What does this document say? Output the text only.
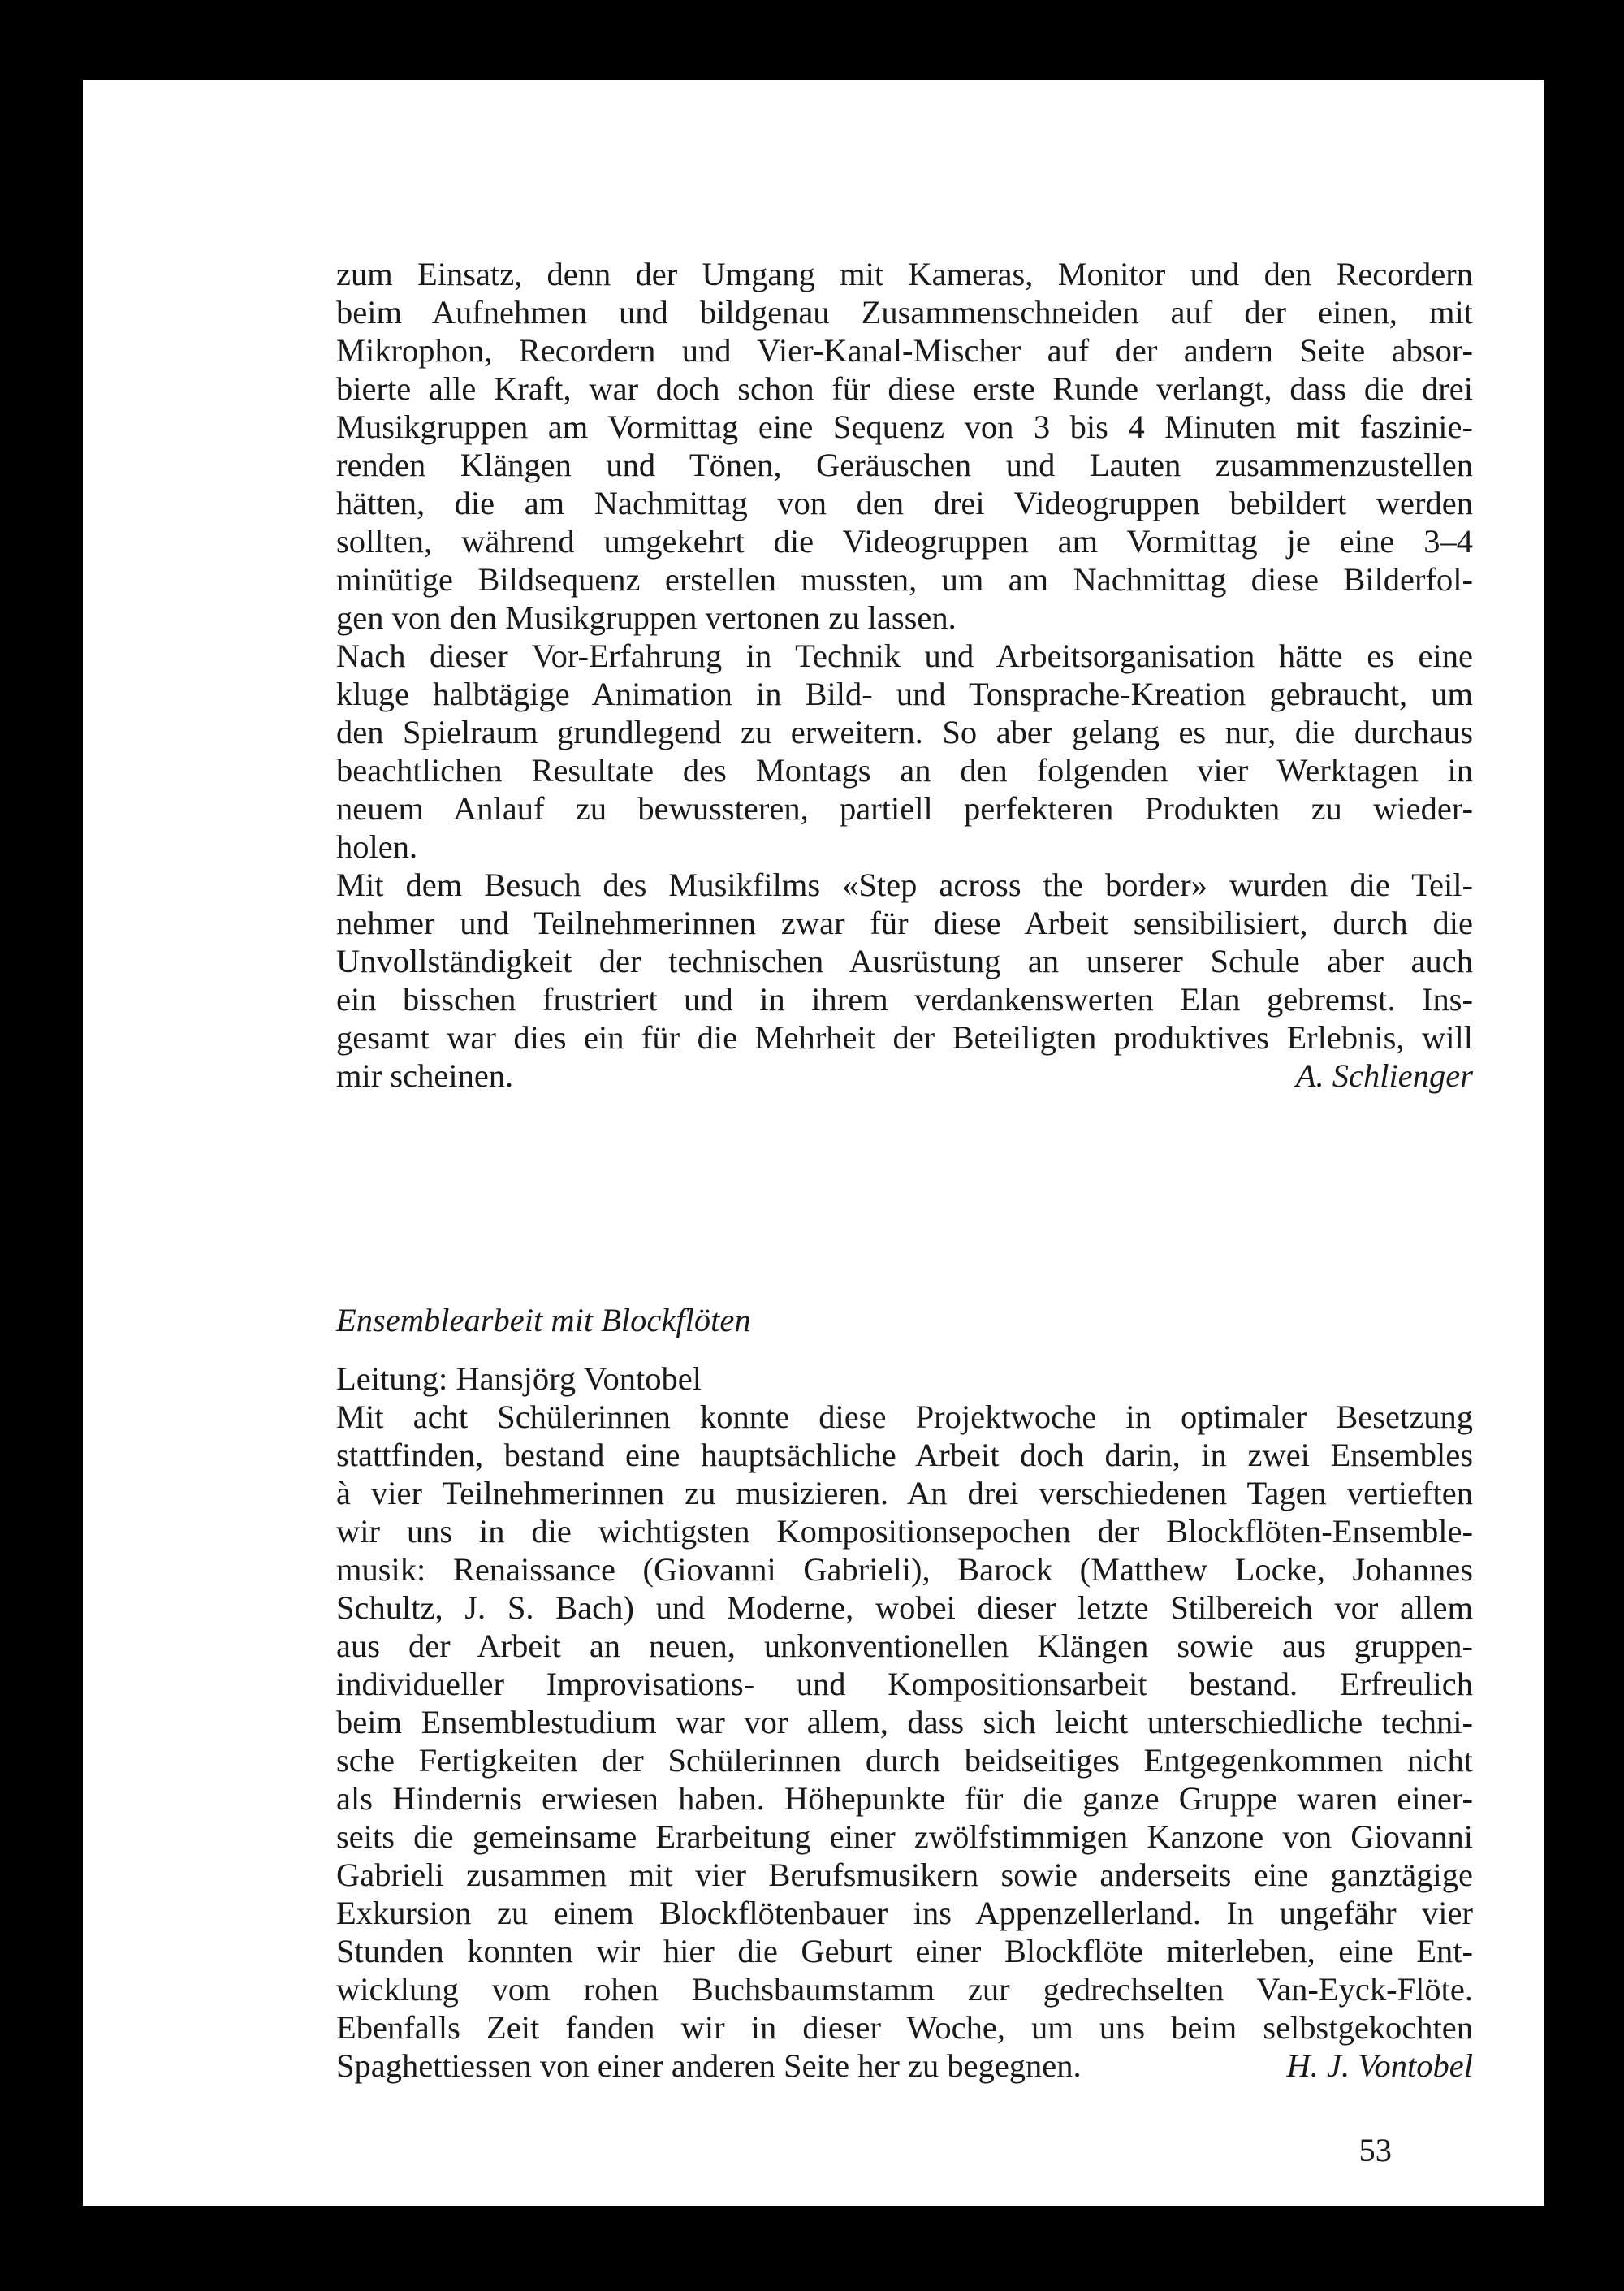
zum Einsatz, denn der Umgang mit Kameras, Monitor und den Recordern
beim Aufnehmen und bildgenau Zusammenschneiden auf der einen, mit
Mikrophon, Recordern und Vier-Kanal-Mischer auf der andern Seite absor-
bierte alle Kraft, war doch schon für diese erste Runde verlangt, dass die drei
Musikgruppen am Vormittag eine Sequenz von 3 bis 4 Minuten mit faszinie-
renden Klängen und Tönen, Geräuschen und Lauten zusammenzustellen
hätten, die am Nachmittag von den drei Videogruppen bebildert werden
sollten, während umgekehrt die Videogruppen am Vormittag je eine 3–4
minütige Bildsequenz erstellen mussten, um am Nachmittag diese Bilderfol-
gen von den Musikgruppen vertonen zu lassen.
Nach dieser Vor-Erfahrung in Technik und Arbeitsorganisation hätte es eine
kluge halbtägige Animation in Bild- und Tonsprache-Kreation gebraucht, um
den Spielraum grundlegend zu erweitern. So aber gelang es nur, die durchaus
beachtlichen Resultate des Montags an den folgenden vier Werktagen in
neuem Anlauf zu bewussteren, partiell perfekteren Produkten zu wieder-
holen.
Mit dem Besuch des Musikfilms «Step across the border» wurden die Teil-
nehmer und Teilnehmerinnen zwar für diese Arbeit sensibilisiert, durch die
Unvollständigkeit der technischen Ausrüstung an unserer Schule aber auch
ein bisschen frustriert und in ihrem verdankenswerten Elan gebremst. Ins-
gesamt war dies ein für die Mehrheit der Beteiligten produktives Erlebnis, will
mir scheinen.	A. Schlienger
Ensemblearbeit mit Blockflöten
Leitung: Hansjörg Vontobel
Mit acht Schülerinnen konnte diese Projektwoche in optimaler Besetzung
stattfinden, bestand eine hauptsächliche Arbeit doch darin, in zwei Ensembles
à vier Teilnehmerinnen zu musizieren. An drei verschiedenen Tagen vertieften
wir uns in die wichtigsten Kompositionsepochen der Blockflöten-Ensemble-
musik: Renaissance (Giovanni Gabrieli), Barock (Matthew Locke, Johannes
Schultz, J. S. Bach) und Moderne, wobei dieser letzte Stilbereich vor allem
aus der Arbeit an neuen, unkonventionellen Klängen sowie aus gruppen-
individueller Improvisations- und Kompositionsarbeit bestand. Erfreulich
beim Ensemblestudium war vor allem, dass sich leicht unterschiedliche techni-
sche Fertigkeiten der Schülerinnen durch beidseitiges Entgegenkommen nicht
als Hindernis erwiesen haben. Höhepunkte für die ganze Gruppe waren einer-
seits die gemeinsame Erarbeitung einer zwölfstimmigen Kanzone von Giovanni
Gabrieli zusammen mit vier Berufsmusikern sowie anderseits eine ganztägige
Exkursion zu einem Blockflötenbauer ins Appenzellerland. In ungefähr vier
Stunden konnten wir hier die Geburt einer Blockflöte miterleben, eine Ent-
wicklung vom rohen Buchsbaumstamm zur gedrechselten Van-Eyck-Flöte.
Ebenfalls Zeit fanden wir in dieser Woche, um uns beim selbstgekochten
Spaghettiessen von einer anderen Seite her zu begegnen.	H. J. Vontobel
53
